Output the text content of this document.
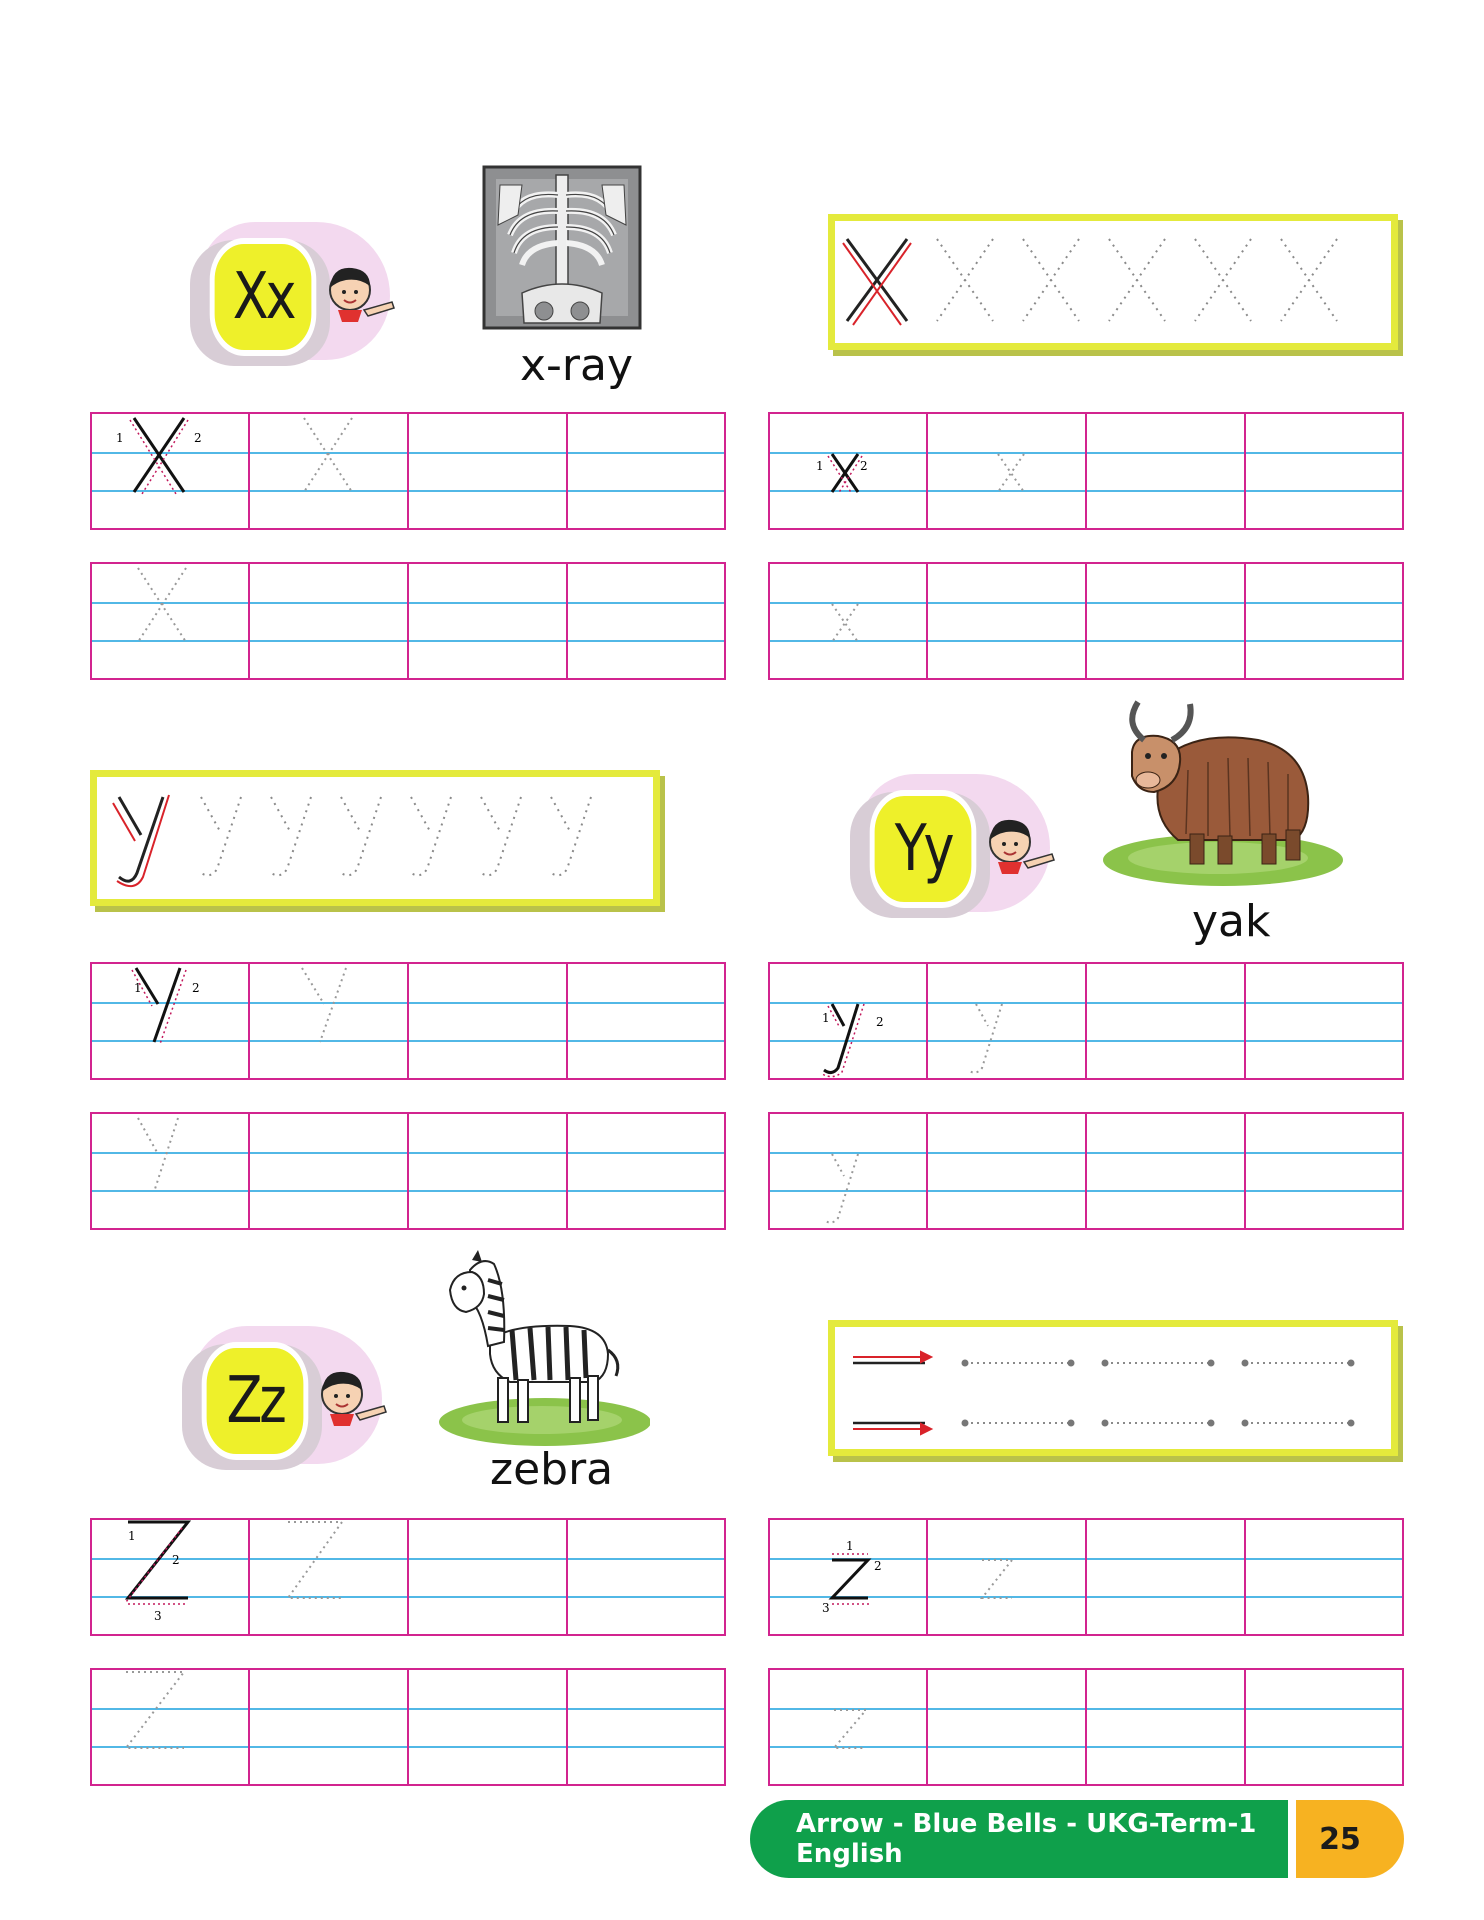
Xx
x-ray
1	2
1	2
Yy
yak
1	2
1	2
Zz
zebra
1
2
3
1
2
3
Arrow - Blue Bells - UKG-Term-1 English	25
